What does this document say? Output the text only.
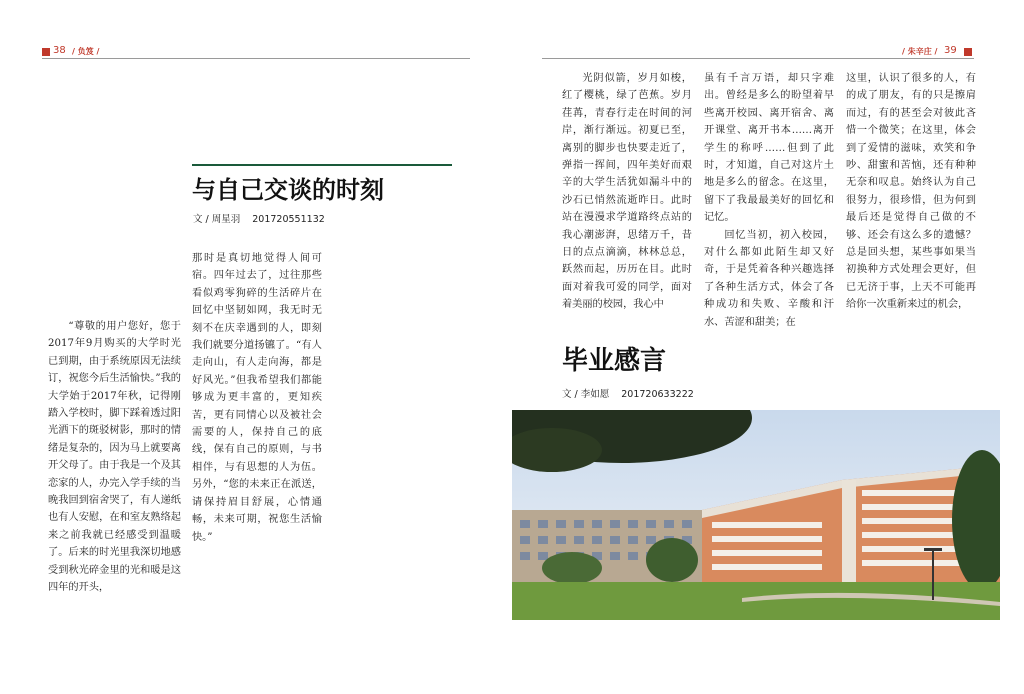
38 / 负笈 /
与自己交谈的时刻
文 / 周星羽 201720551132

“尊敬的用户您好，您于2017年9月购买的大学时光已到期，由于系统原因无法续订，祝您今后生活愉快。”我的大学始于2017年秋，记得刚踏入学校时，脚下踩着透过阳光洒下的斑驳树影，那时的情绪是复杂的，因为马上就要离开父母了。由于我是一个及其恋家的人，办完入学手续的当晚我回到宿舍哭了，有人递纸也有人安慰，在和室友熟络起来之前我就已经感受到温暖了。后来的时光里我深切地感受到秋光碎金里的光和暖是这四年的开头，

那时是真切地觉得人间可宿。四年过去了，过往那些看似鸡零狗碎的生活碎片在回忆中坚韧如网，我无时无刻不在庆幸遇到的人，即刻我们就要分道扬镳了。“有人走向山，有人走向海，都是好风光。”但我希望我们都能够成为更丰富的，更知疾苦，更有同情心以及被社会需要的人，保持自己的底线，保有自己的原则，与书相伴，与有思想的人为伍。另外，“您的未来正在派送，请保持眉目舒展，心情通畅，未来可期，祝您生活愉快。”

/ 朱辛庄 / 39

光阴似箭，岁月如梭，红了樱桃，绿了芭蕉。岁月荏苒，青春行走在时间的河岸，渐行渐远。初夏已至，离别的脚步也快要走近了，弹指一挥间，四年美好而艰辛的大学生活犹如漏斗中的沙石已悄然流逝昨日。此时站在漫漫求学道路终点站的我心潮澎湃，思绪万千，昔日的点点滴滴，林林总总，跃然而起，历历在目。此时面对着我可爱的同学，面对着美丽的校园，我心中

虽有千言万语，却只字难出。曾经是多么的盼望着早些离开校园、离开宿舍、离开课堂、离开书本……离开学生的称呼……但到了此时，才知道，自己对这片土地是多么的留念。在这里，留下了我最最美好的回忆和记忆。

回忆当初，初入校园，对什么都如此陌生却又好奇，于是凭着各种兴趣选择了各种生活方式，体会了各种成功和失败、辛酸和汗水、苦涩和甜美；在

这里，认识了很多的人，有的成了朋友，有的只是擦肩而过，有的甚至会对彼此吝惜一个微笑；在这里，体会到了爱情的滋味，欢笑和争吵、甜蜜和苦恼，还有种种无奈和叹息。始终认为自己很努力，很珍惜，但为何到最后还是觉得自己做的不够、还会有这么多的遗憾？总是回头想，某些事如果当初换种方式处理会更好，但已无济于事，上天不可能再给你一次重新来过的机会，

毕业感言
文 / 李如愿 201720633222
